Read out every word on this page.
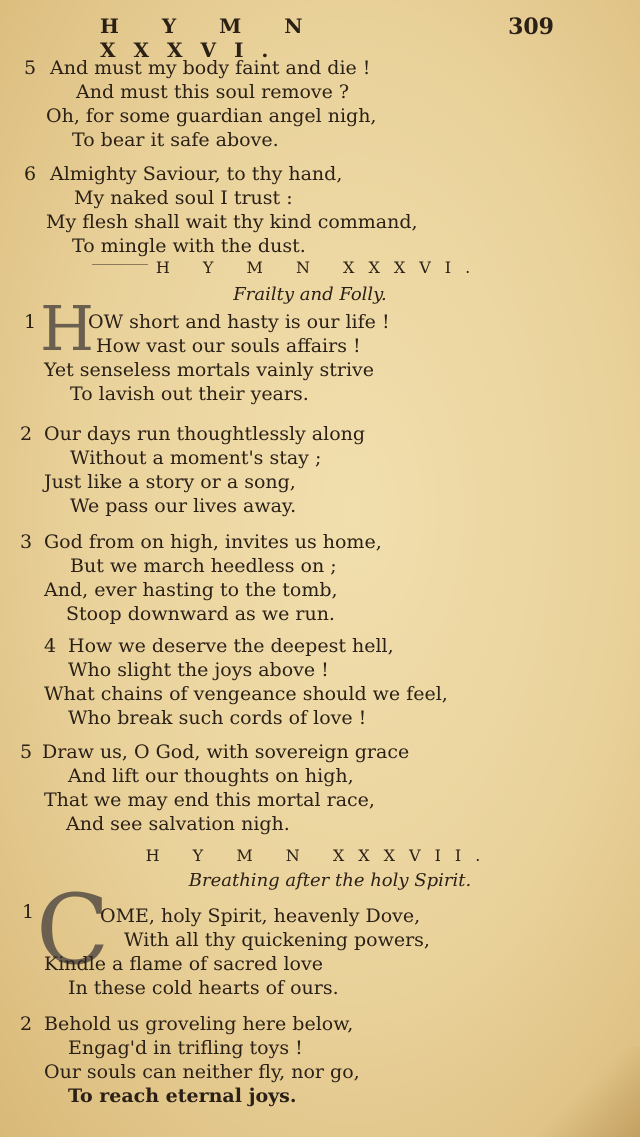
H Y M N XXXVI.
309
5 And must my body faint and die !
And must this soul remove ?
Oh, for some guardian angel nigh,
To bear it safe above.
6 Almighty Saviour, to thy hand,
My naked soul I trust :
My flesh shall wait thy kind command,
To mingle with the dust.
H Y M N XXXVI.
Frailty and Folly.
1 H
OW short and hasty is our life !
How vast our souls affairs !
Yet senseless mortals vainly strive
To lavish out their years.
2 Our days run thoughtlessly along
Without a moment's stay ;
Just like a story or a song,
We pass our lives away.
3 God from on high, invites us home,
But we march heedless on ;
And, ever hasting to the tomb,
Stoop downward as we run.
4 How we deserve the deepest hell,
Who slight the joys above !
What chains of vengeance should we feel,
Who break such cords of love !
5 Draw us, O God, with sovereign grace
And lift our thoughts on high,
That we may end this mortal race,
And see salvation nigh.
H Y M N XXXVII.
Breathing after the holy Spirit.
1 C
OME, holy Spirit, heavenly Dove,
With all thy quickening powers,
Kindle a flame of sacred love
In these cold hearts of ours.
2 Behold us groveling here below,
Engag'd in trifling toys !
Our souls can neither fly, nor go,
To reach eternal joys.
